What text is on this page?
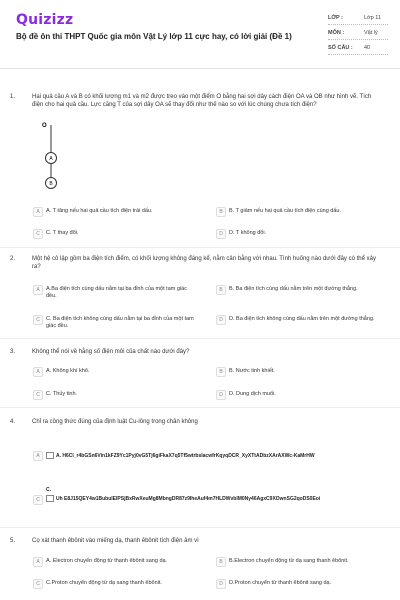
Quizizz
Bộ đề ôn thi THPT Quốc gia môn Vật Lý lớp 11 cực hay, có lời giải (Đề 1)
LỚP :	Lớp 11
MÔN :	Vật lý
SỐ CÂU : 40
1.	Hai quả cầu A và B có khối lượng m1 và m2 được treo vào một điểm O bằng hai sợi dây cách điện OA và OB như hình vẽ. Tích điện cho hai quả cầu. Lực căng T của sợi dây OA sẽ thay đổi như thế nào so với lúc chúng chưa tích điện?
O
A
B
A	A. T tăng nếu hai quả cầu tích điện trái dấu.	B	B. T giảm nếu hai quả cầu tích điện cùng dấu.
C	C. T thay đổi.	D	D. T không đổi.
2.	Một hệ cô lập gồm ba điện tích điểm, có khối lượng không đáng kể, nằm cân bằng với nhau. Tình huống nào dưới đây có thể xảy ra?
A	A.Ba điện tích cùng dấu nằm tại ba đỉnh của một tam giác đều.
B	B. Ba điện tích cùng dấu nằm trên một đường thẳng.
C	C. Ba điện tích không cùng dấu nằm tại ba đỉnh của một tam giác đều.
D	D. Ba điện tích không cùng dấu nằm trên một đường thẳng.
3.	Không thể nói về hằng số điện môi của chất nào dưới đây?
A	A. Không khí khô.	B	B. Nước tinh khiết.
C	C. Thủy tinh.	D	D. Dung dịch muối.
4.	Chỉ ra công thức đúng của định luật Cu-lông trong chân không
A	A. H6Cl_r4bGSn6Vin1kFZ9Yc1Pyj0vG5Tj6giFkaX7q5Tf5wtrbslacwfrKqyqDCR_XyXTtADbzXArAXWc-KaMrHW
C
C.
Uh E8J15QEY4w1BubulEIPSjBxRwXeuMg8MbngDR87z9IheAuf4m7HLDWvbIM0Ny46AgxC9XOwnSG2qoDS0Eoi
5.	Cọ xát thanh êbônit vào miếng dạ, thanh êbônit tích điện âm vì
A	A. Electron chuyển động từ thanh êbônit sang dạ.	B	B.Electron chuyển động từ dạ sang thanh êbônit.
C	C.Proton chuyển động từ dạ sang thanh êbônit.	D	D.Proton chuyển từ thanh êbônit sang dạ.
